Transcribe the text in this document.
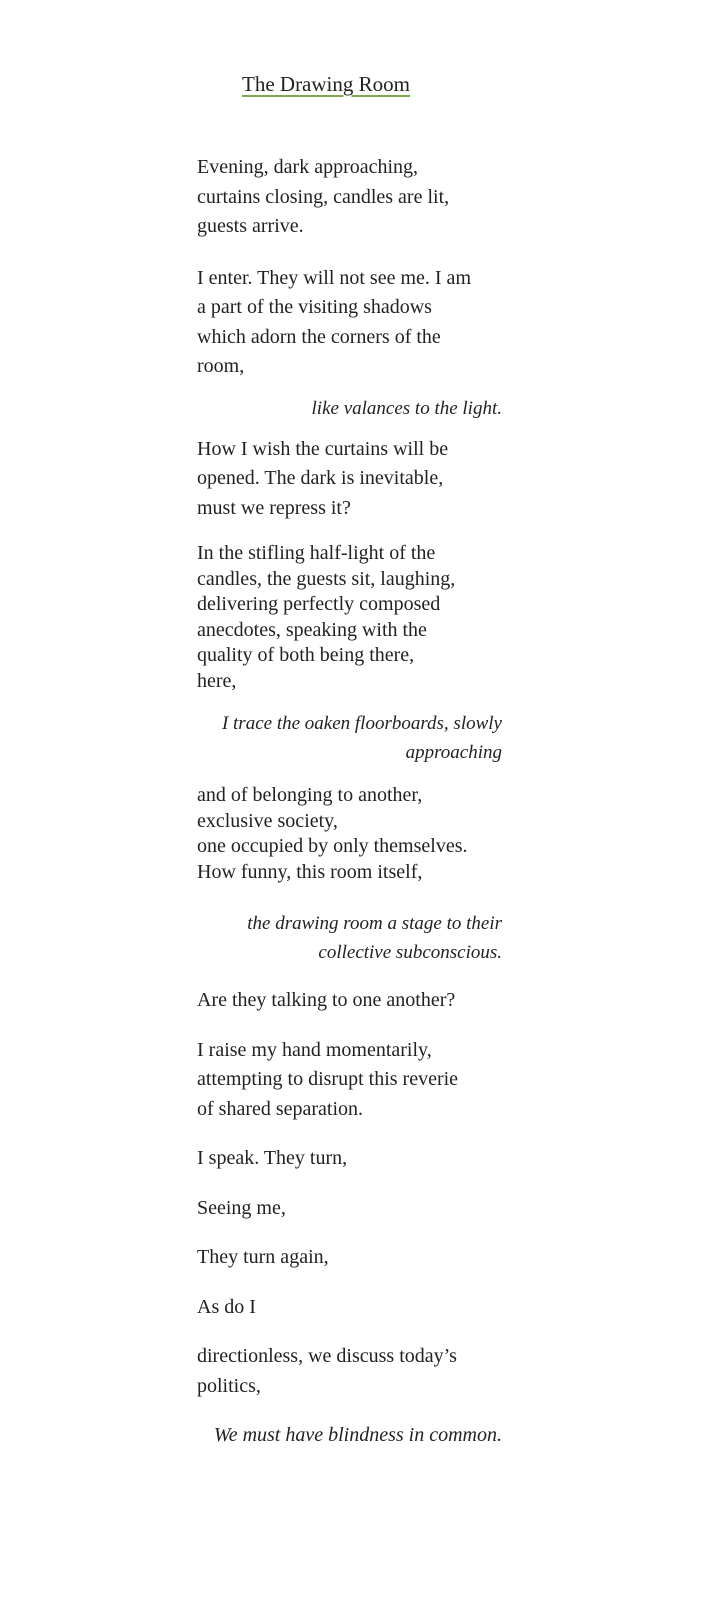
The Drawing Room

Evening, dark approaching,
curtains closing, candles are lit,
guests arrive.

I enter. They will not see me. I am
a part of the visiting shadows
which adorn the corners of the
room,

like valances to the light.

How I wish the curtains will be
opened. The dark is inevitable,
must we repress it?

In the stifling half-light of the
candles, the guests sit, laughing,
delivering perfectly composed
anecdotes, speaking with the
quality of both being there,
here,

I trace the oaken floorboards, slowly
approaching

and of belonging to another,
exclusive society,
one occupied by only themselves.
How funny, this room itself,

the drawing room a stage to their
collective subconscious.

Are they talking to one another?

I raise my hand momentarily,
attempting to disrupt this reverie
of shared separation.

I speak. They turn,

Seeing me,

They turn again,

As do I

directionless, we discuss today’s
politics,

We must have blindness in common.
